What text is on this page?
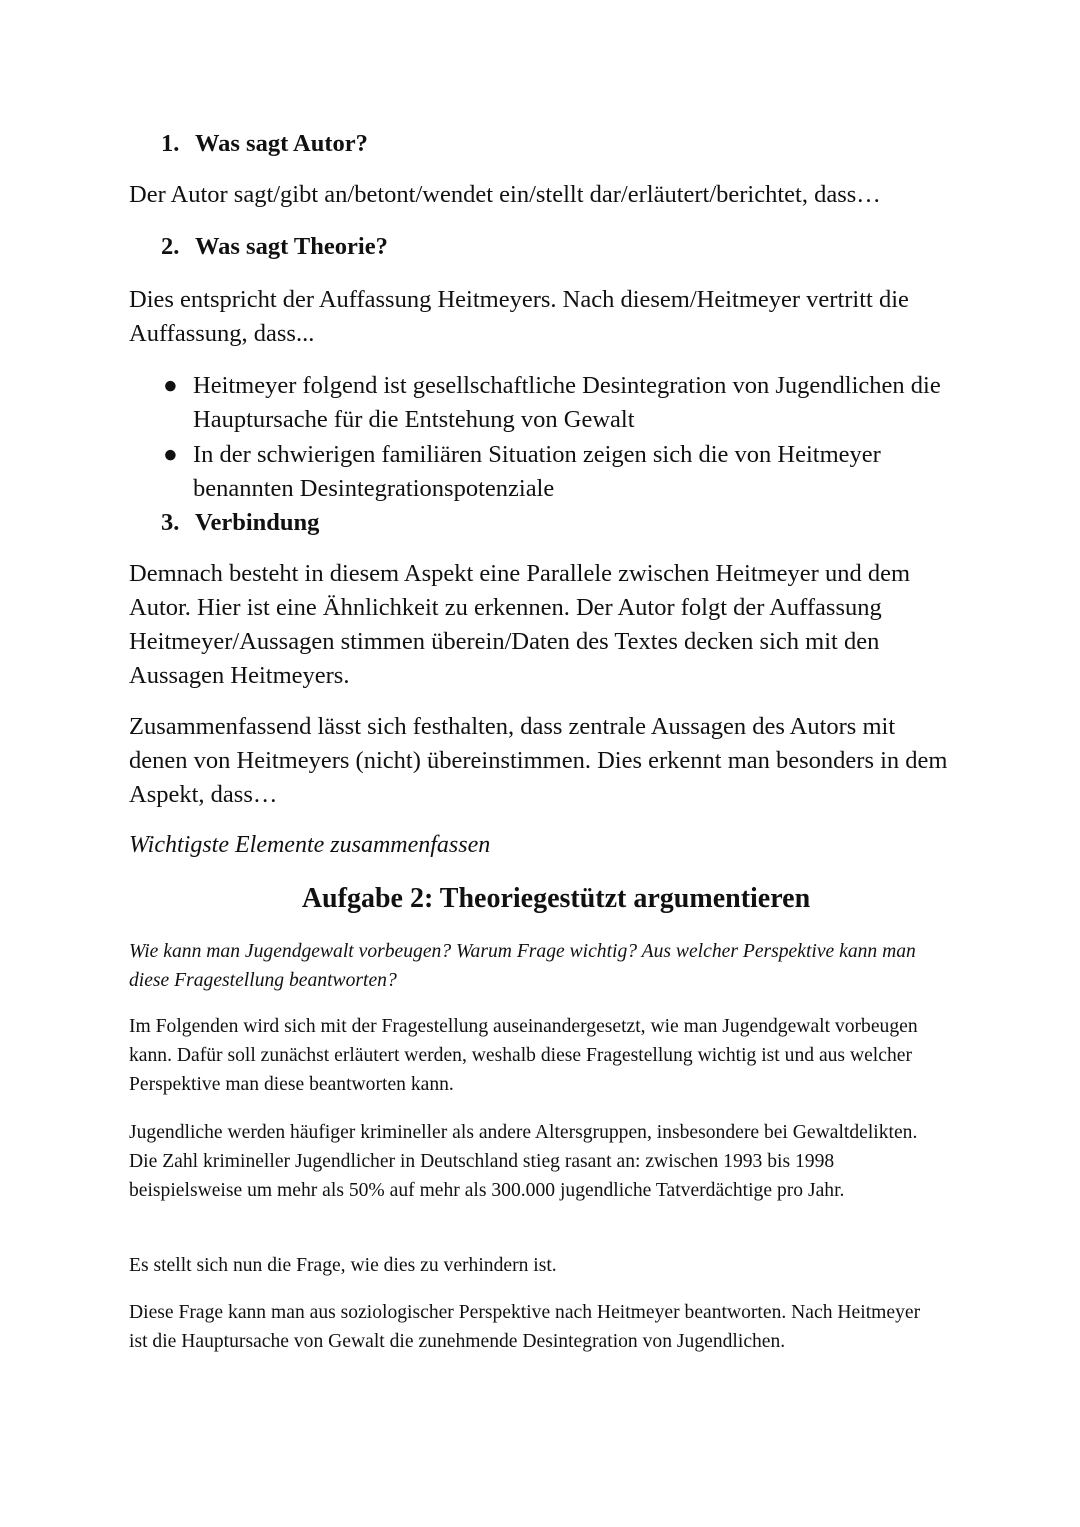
1. Was sagt Autor?

Der Autor sagt/gibt an/betont/wendet ein/stellt dar/erläutert/berichtet, dass…

2. Was sagt Theorie?

Dies entspricht der Auffassung Heitmeyers. Nach diesem/Heitmeyer vertritt die Auffassung, dass...

● Heitmeyer folgend ist gesellschaftliche Desintegration von Jugendlichen die Hauptursache für die Entstehung von Gewalt
● In der schwierigen familiären Situation zeigen sich die von Heitmeyer benannten Desintegrationspotenziale
3. Verbindung

Demnach besteht in diesem Aspekt eine Parallele zwischen Heitmeyer und dem Autor. Hier ist eine Ähnlichkeit zu erkennen. Der Autor folgt der Auffassung Heitmeyer/Aussagen stimmen überein/Daten des Textes decken sich mit den Aussagen Heitmeyers.

Zusammenfassend lässt sich festhalten, dass zentrale Aussagen des Autors mit denen von Heitmeyers (nicht) übereinstimmen. Dies erkennt man besonders in dem Aspekt, dass…

Wichtigste Elemente zusammenfassen

Aufgabe 2: Theoriegestützt argumentieren

Wie kann man Jugendgewalt vorbeugen? Warum Frage wichtig? Aus welcher Perspektive kann man diese Fragestellung beantworten?

Im Folgenden wird sich mit der Fragestellung auseinandergesetzt, wie man Jugendgewalt vorbeugen kann. Dafür soll zunächst erläutert werden, weshalb diese Fragestellung wichtig ist und aus welcher Perspektive man diese beantworten kann.

Jugendliche werden häufiger krimineller als andere Altersgruppen, insbesondere bei Gewaltdelikten. Die Zahl krimineller Jugendlicher in Deutschland stieg rasant an: zwischen 1993 bis 1998 beispielsweise um mehr als 50% auf mehr als 300.000 jugendliche Tatverdächtige pro Jahr.

Es stellt sich nun die Frage, wie dies zu verhindern ist.

Diese Frage kann man aus soziologischer Perspektive nach Heitmeyer beantworten. Nach Heitmeyer ist die Hauptursache von Gewalt die zunehmende Desintegration von Jugendlichen.
